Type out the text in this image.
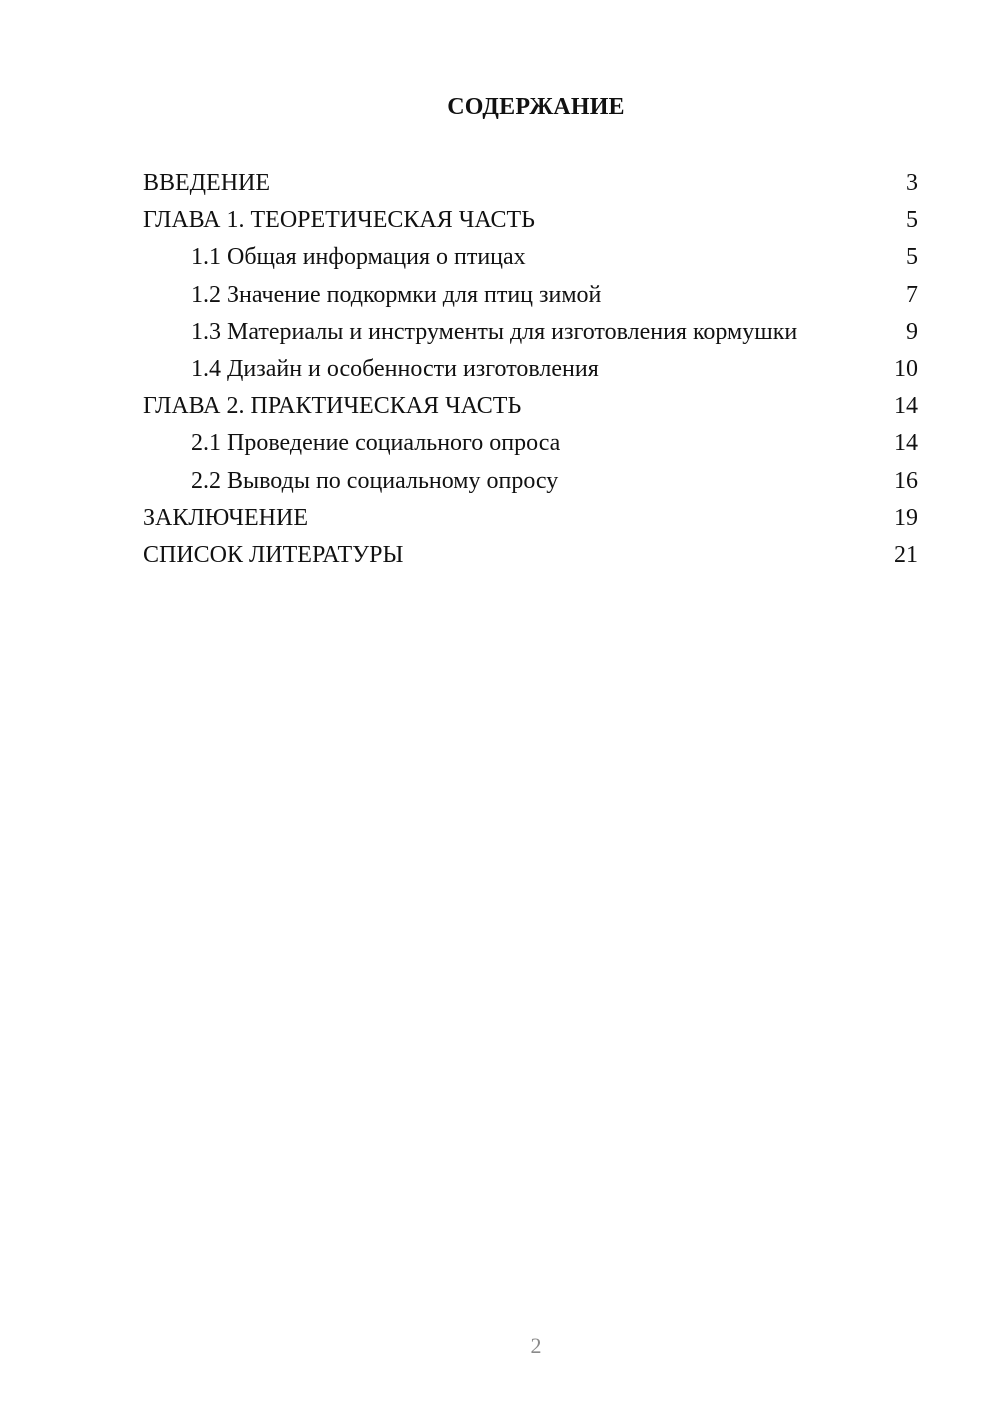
СОДЕРЖАНИЕ
ВВЕДЕНИЕ	3
ГЛАВА 1. ТЕОРЕТИЧЕСКАЯ ЧАСТЬ	5
1.1 Общая информация о птицах	5
1.2 Значение подкормки для птиц зимой	7
1.3 Материалы и инструменты для изготовления кормушки	9
1.4 Дизайн и особенности изготовления	10
ГЛАВА 2. ПРАКТИЧЕСКАЯ ЧАСТЬ	14
2.1 Проведение социального опроса	14
2.2 Выводы по социальному опросу	16
ЗАКЛЮЧЕНИЕ	19
СПИСОК ЛИТЕРАТУРЫ	21
2
